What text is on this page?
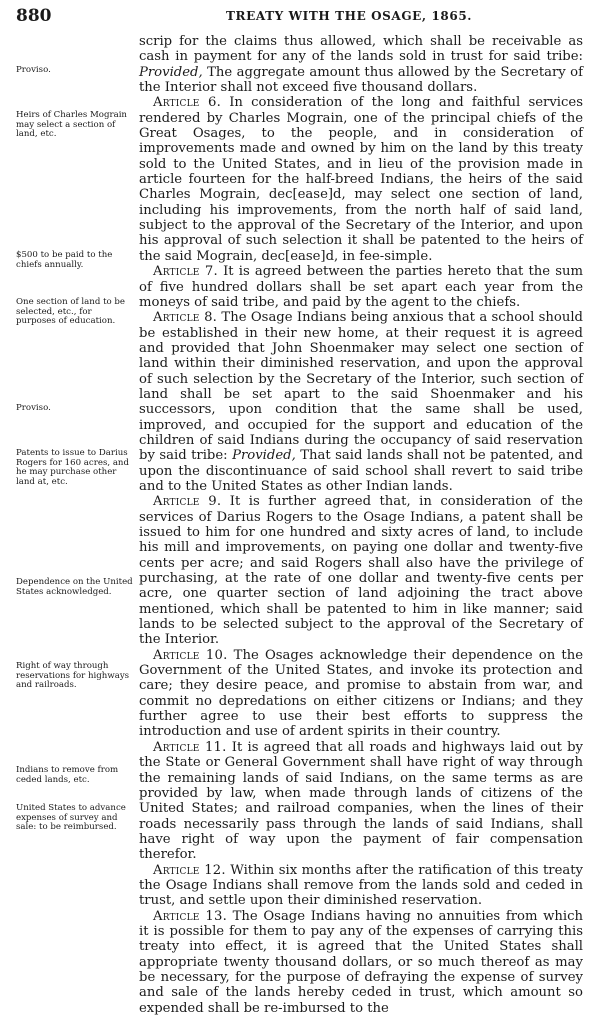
880	TREATY WITH THE OSAGE, 1865.
Proviso.
Heirs of Charles Mograin may select a section of land, etc.
$500 to be paid to the chiefs annually.
One section of land to be selected, etc., for purposes of education.
Proviso.
Patents to issue to Darius Rogers for 160 acres, and he may purchase other land at, etc.
Dependence on the United States acknowledged.
Right of way through reservations for highways and railroads.
Indians to remove from ceded lands, etc.
United States to advance expenses of survey and sale: to be reimbursed.

scrip for the claims thus allowed, which shall be receivable as cash in payment for any of the lands sold in trust for said tribe: Provided, The aggregate amount thus allowed by the Secretary of the Interior shall not exceed five thousand dollars.

Article 6. In consideration of the long and faithful services rendered by Charles Mograin, one of the principal chiefs of the Great Osages, to the people, and in consideration of improvements made and owned by him on the land by this treaty sold to the United States, and in lieu of the provision made in article fourteen for the half-breed Indians, the heirs of the said Charles Mograin, dec[ease]d, may select one section of land, including his improvements, from the north half of said land, subject to the approval of the Secretary of the Interior, and upon his approval of such selection it shall be patented to the heirs of the said Mograin, dec[ease]d, in fee-simple.

Article 7. It is agreed between the parties hereto that the sum of five hundred dollars shall be set apart each year from the moneys of said tribe, and paid by the agent to the chiefs.

Article 8. The Osage Indians being anxious that a school should be established in their new home, at their request it is agreed and provided that John Shoenmaker may select one section of land within their diminished reservation, and upon the approval of such selection by the Secretary of the Interior, such section of land shall be set apart to the said Shoenmaker and his successors, upon condition that the same shall be used, improved, and occupied for the support and education of the children of said Indians during the occupancy of said reservation by said tribe: Provided, That said lands shall not be patented, and upon the discontinuance of said school shall revert to said tribe and to the United States as other Indian lands.

Article 9. It is further agreed that, in consideration of the services of Darius Rogers to the Osage Indians, a patent shall be issued to him for one hundred and sixty acres of land, to include his mill and improvements, on paying one dollar and twenty-five cents per acre; and said Rogers shall also have the privilege of purchasing, at the rate of one dollar and twenty-five cents per acre, one quarter section of land adjoining the tract above mentioned, which shall be patented to him in like manner; said lands to be selected subject to the approval of the Secretary of the Interior.

Article 10. The Osages acknowledge their dependence on the Government of the United States, and invoke its protection and care; they desire peace, and promise to abstain from war, and commit no depredations on either citizens or Indians; and they further agree to use their best efforts to suppress the introduction and use of ardent spirits in their country.

Article 11. It is agreed that all roads and highways laid out by the State or General Government shall have right of way through the remaining lands of said Indians, on the same terms as are provided by law, when made through lands of citizens of the United States; and railroad companies, when the lines of their roads necessarily pass through the lands of said Indians, shall have right of way upon the payment of fair compensation therefor.

Article 12. Within six months after the ratification of this treaty the Osage Indians shall remove from the lands sold and ceded in trust, and settle upon their diminished reservation.

Article 13. The Osage Indians having no annuities from which it is possible for them to pay any of the expenses of carrying this treaty into effect, it is agreed that the United States shall appropriate twenty thousand dollars, or so much thereof as may be necessary, for the purpose of defraying the expense of survey and sale of the lands hereby ceded in trust, which amount so expended shall be re-imbursed to the
